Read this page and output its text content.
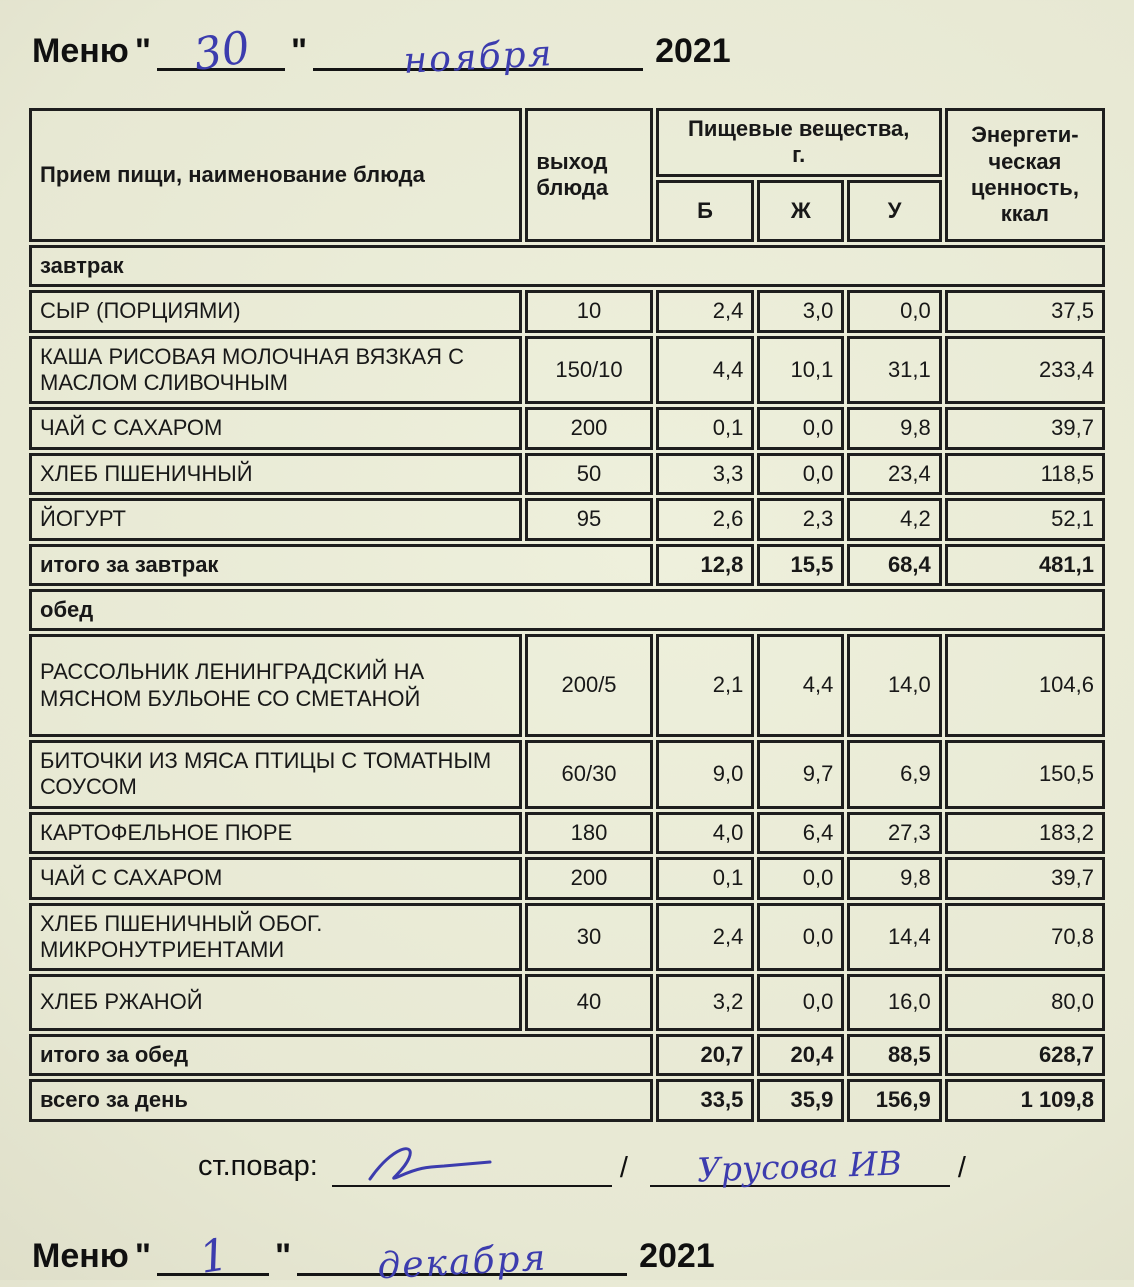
Меню " 30	"	ноября	2021
Прием пищи, наименование блюда	выход блюда	Пищевые вещества,
г.			Энергети-ческая ценность, ккал
		Б	Ж	У	
завтрак					
СЫР (ПОРЦИЯМИ)	10	2,4	3,0	0,0	37,5
КАША РИСОВАЯ МОЛОЧНАЯ ВЯЗКАЯ С МАСЛОМ СЛИВОЧНЫМ	150/10	4,4	10,1	31,1	233,4
ЧАЙ С САХАРОМ	200	0,1	0,0	9,8	39,7
ХЛЕБ ПШЕНИЧНЫЙ	50	3,3	0,0	23,4	118,5
ЙОГУРТ	95	2,6	2,3	4,2	52,1
итого за завтрак		12,8	15,5	68,4	481,1
обед					
РАССОЛЬНИК ЛЕНИНГРАДСКИЙ НА МЯСНОМ БУЛЬОНЕ СО СМЕТАНОЙ	200/5	2,1	4,4	14,0	104,6
БИТОЧКИ ИЗ МЯСА ПТИЦЫ С ТОМАТНЫМ СОУСОМ	60/30	9,0	9,7	6,9	150,5
КАРТОФЕЛЬНОЕ ПЮРЕ	180	4,0	6,4	27,3	183,2
ЧАЙ С САХАРОМ	200	0,1	0,0	9,8	39,7
ХЛЕБ ПШЕНИЧНЫЙ ОБОГ. МИКРОНУТРИЕНТАМИ	30	2,4	0,0	14,4	70,8
ХЛЕБ РЖАНОЙ	40	3,2	0,0	16,0	80,0
итого за обед		20,7	20,4	88,5	628,7
всего за день		33,5	35,9	156,9	1 109,8
ст.повар:	/	Урусова ИВ	/
Меню "	1	"	декабря	2021
